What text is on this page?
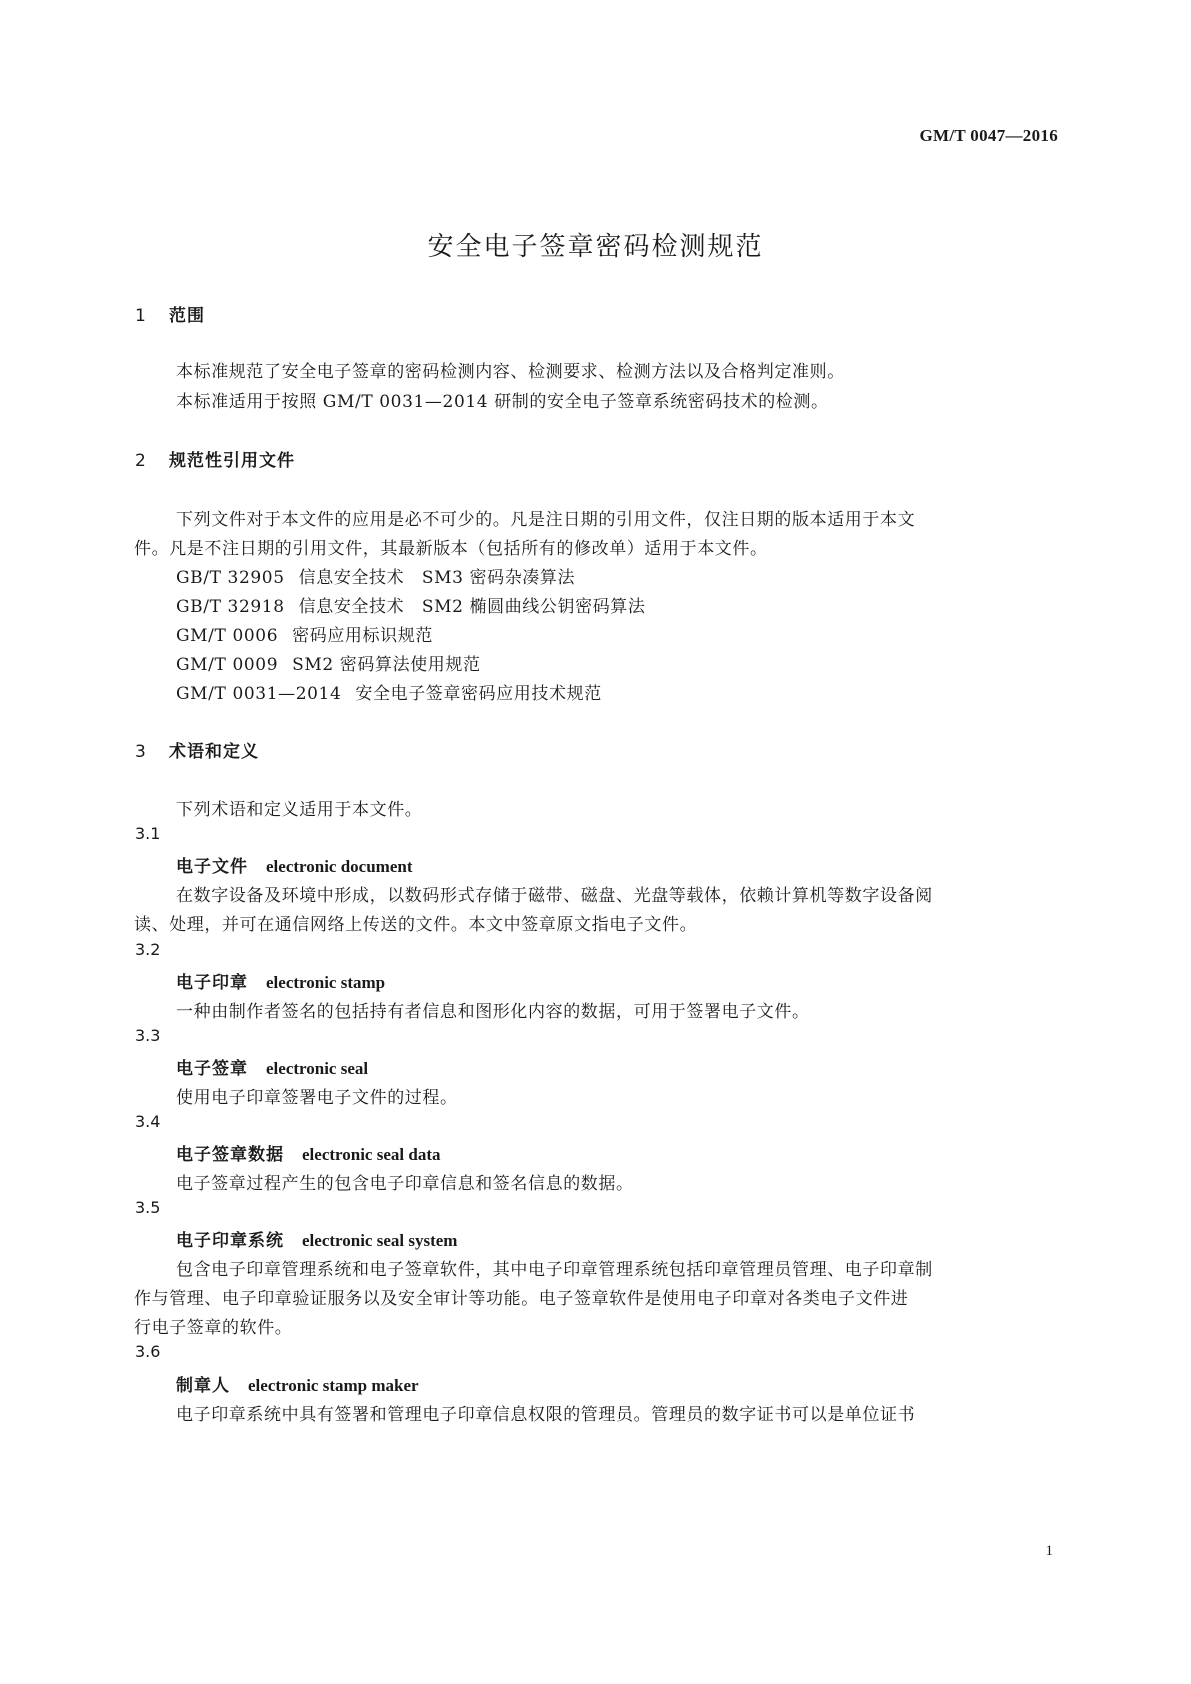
GM/T 0047—2016
安全电子签章密码检测规范
1 范围
本标准规范了安全电子签章的密码检测内容、检测要求、检测方法以及合格判定准则。
本标准适用于按照 GM/T 0031—2014 研制的安全电子签章系统密码技术的检测。
2 规范性引用文件
下列文件对于本文件的应用是必不可少的。凡是注日期的引用文件，仅注日期的版本适用于本文
件。凡是不注日期的引用文件，其最新版本（包括所有的修改单）适用于本文件。
GB/T 32905 信息安全技术　SM3 密码杂凑算法
GB/T 32918 信息安全技术　SM2 椭圆曲线公钥密码算法
GM/T 0006 密码应用标识规范
GM/T 0009 SM2 密码算法使用规范
GM/T 0031—2014 安全电子签章密码应用技术规范
3 术语和定义
下列术语和定义适用于本文件。
3.1
电子文件 electronic document
在数字设备及环境中形成，以数码形式存储于磁带、磁盘、光盘等载体，依赖计算机等数字设备阅
读、处理，并可在通信网络上传送的文件。本文中签章原文指电子文件。
3.2
电子印章 electronic stamp
一种由制作者签名的包括持有者信息和图形化内容的数据，可用于签署电子文件。
3.3
电子签章 electronic seal
使用电子印章签署电子文件的过程。
3.4
电子签章数据 electronic seal data
电子签章过程产生的包含电子印章信息和签名信息的数据。
3.5
电子印章系统 electronic seal system
包含电子印章管理系统和电子签章软件，其中电子印章管理系统包括印章管理员管理、电子印章制
作与管理、电子印章验证服务以及安全审计等功能。电子签章软件是使用电子印章对各类电子文件进
行电子签章的软件。
3.6
制章人 electronic stamp maker
电子印章系统中具有签署和管理电子印章信息权限的管理员。管理员的数字证书可以是单位证书
1
